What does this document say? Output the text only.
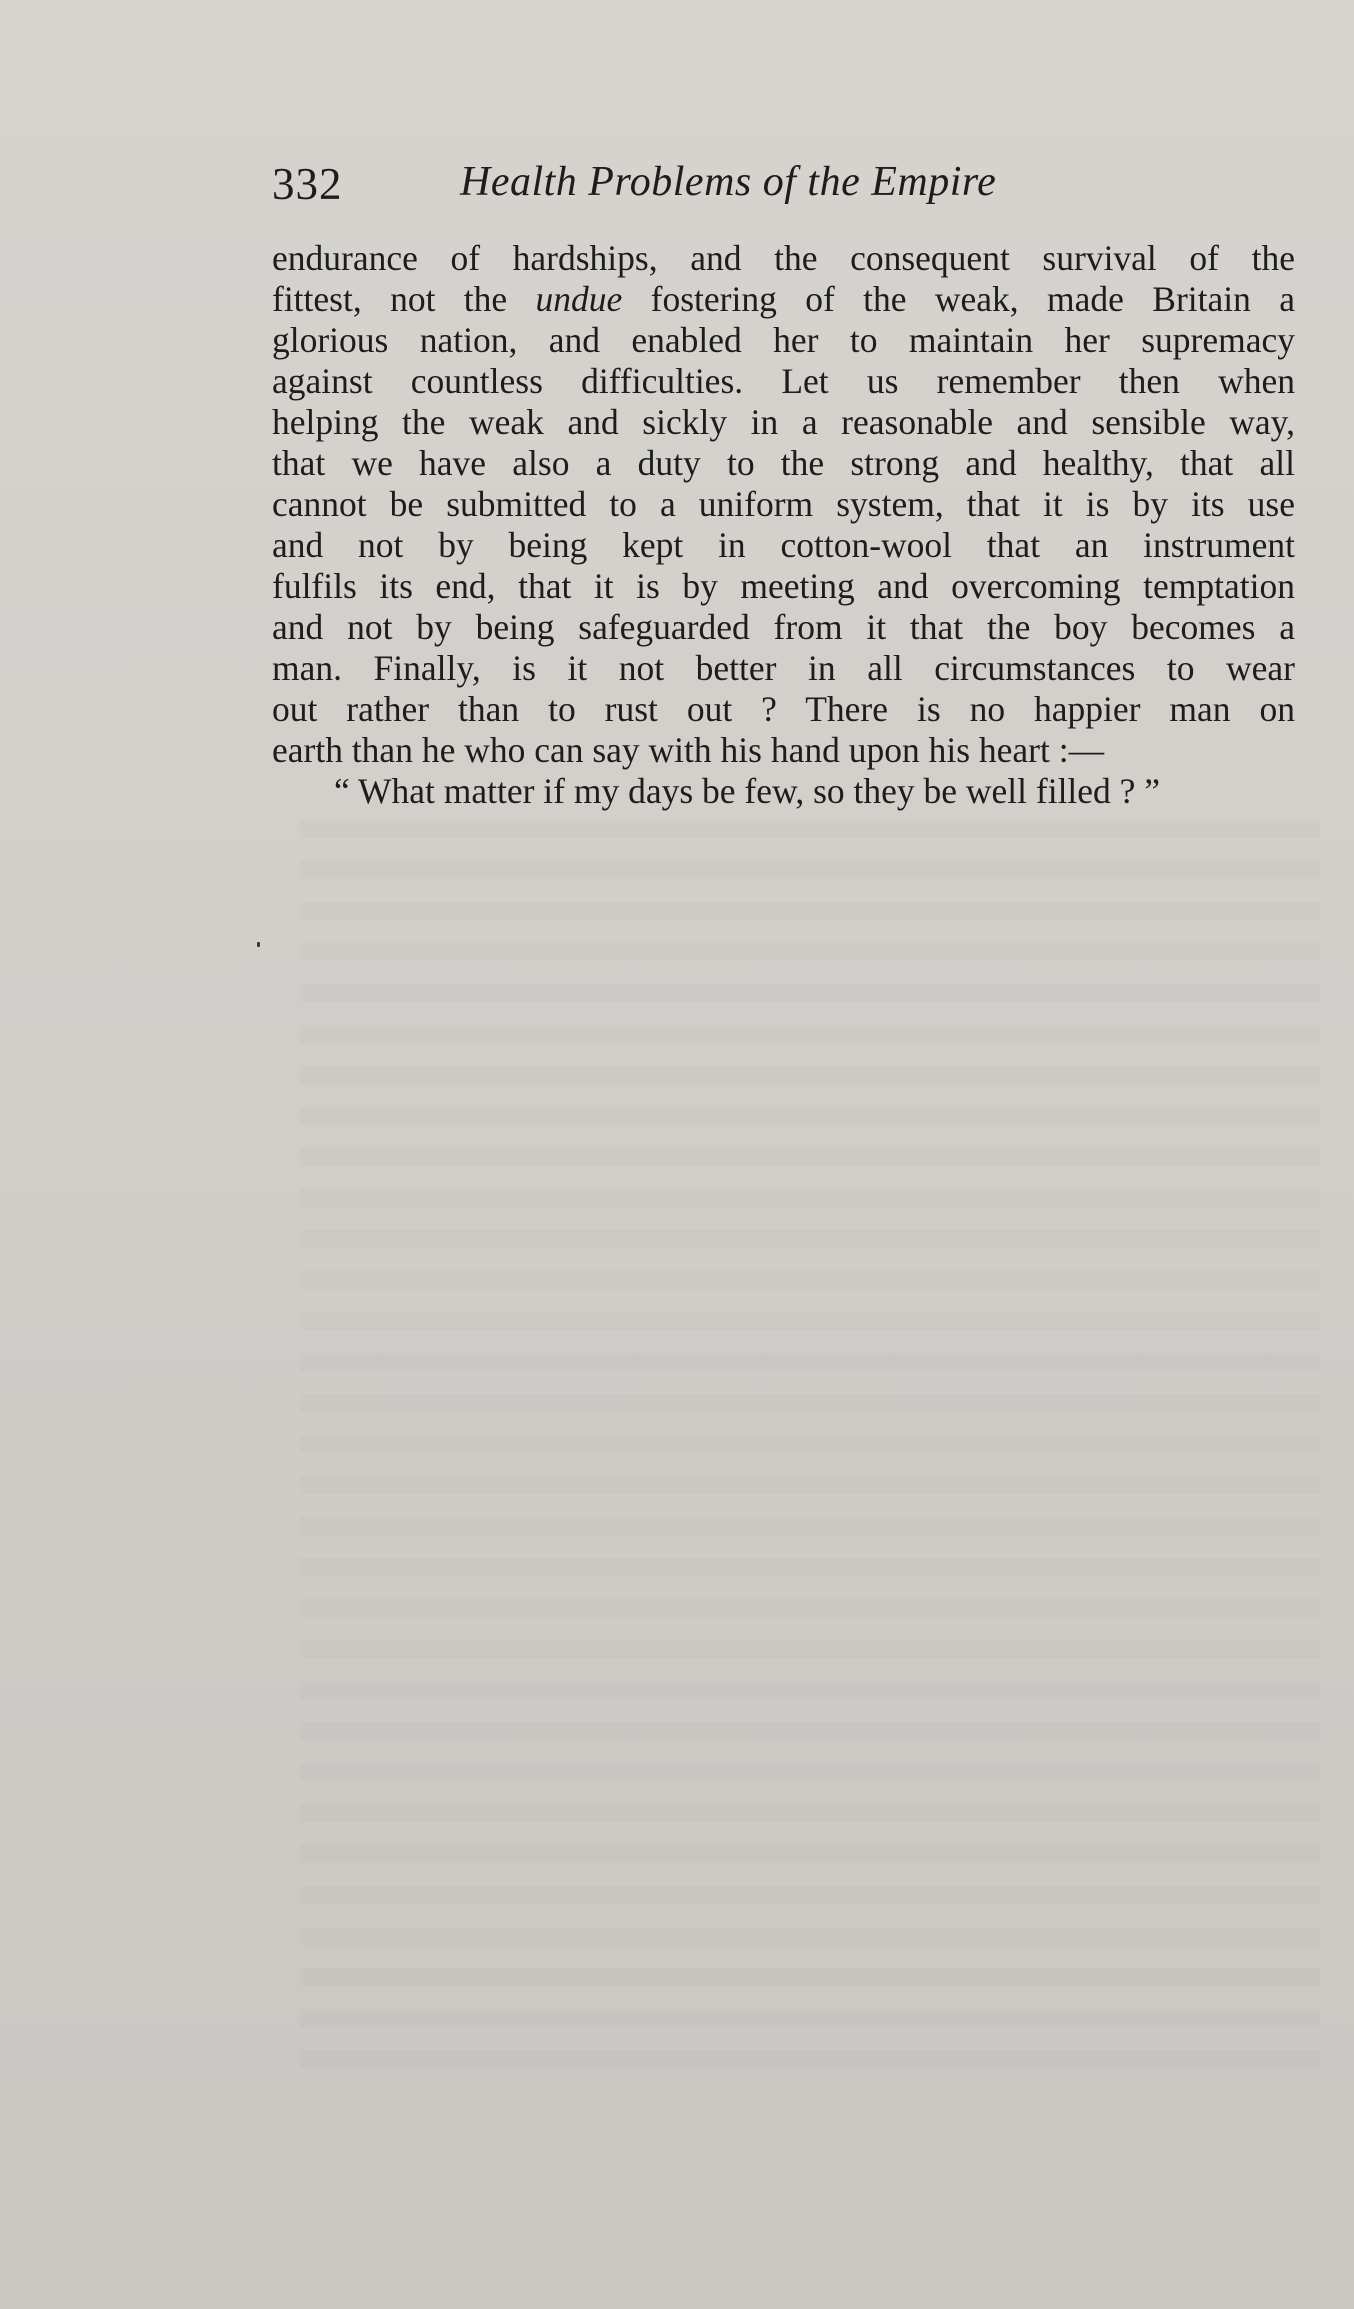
332	Health Problems of the Empire
endurance of hardships, and the consequent survival of the
fittest, not the undue fostering of the weak, made Britain a
glorious nation, and enabled her to maintain her supremacy
against countless difficulties. Let us remember then when
helping the weak and sickly in a reasonable and sensible way,
that we have also a duty to the strong and healthy, that all
cannot be submitted to a uniform system, that it is by its use
and not by being kept in cotton-wool that an instrument
fulfils its end, that it is by meeting and overcoming temptation
and not by being safeguarded from it that the boy becomes a
man. Finally, is it not better in all circumstances to wear
out rather than to rust out ? There is no happier man on
earth than he who can say with his hand upon his heart :—
“ What matter if my days be few, so they be well filled ? ”
